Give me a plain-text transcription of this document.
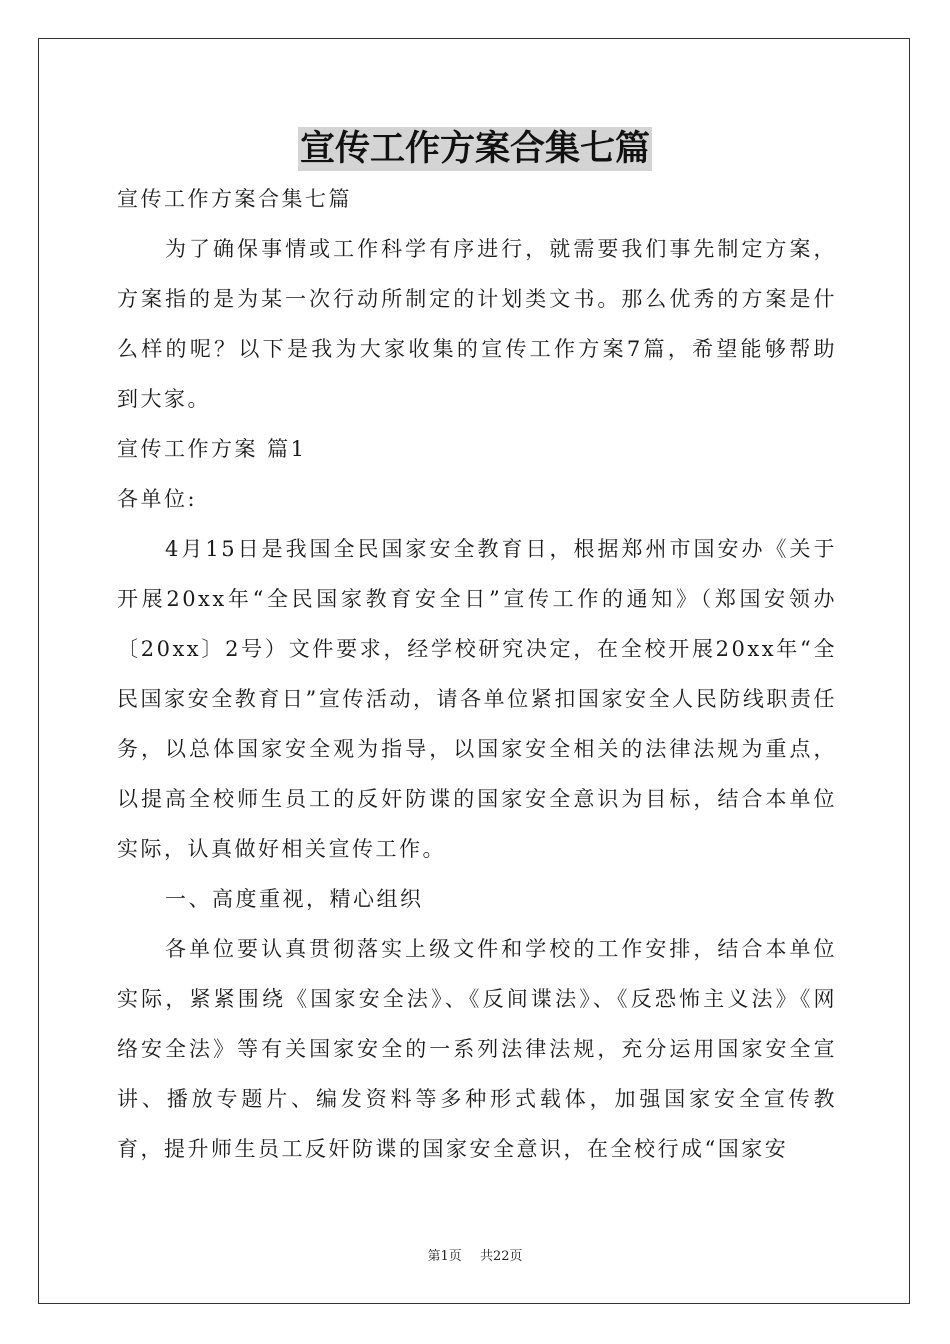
宣传工作方案合集七篇

宣传工作方案合集七篇

为了确保事情或工作科学有序进行，就需要我们事先制定方案，方案指的是为某一次行动所制定的计划类文书。那么优秀的方案是什么样的呢？以下是我为大家收集的宣传工作方案7篇，希望能够帮助到大家。

宣传工作方案 篇1

各单位:

4月15日是我国全民国家安全教育日，根据郑州市国安办《关于开展20xx年“全民国家教育安全日”宣传工作的通知》（郑国安领办〔20xx〕2号）文件要求，经学校研究决定，在全校开展20xx年“全民国家安全教育日”宣传活动，请各单位紧扣国家安全人民防线职责任务，以总体国家安全观为指导，以国家安全相关的法律法规为重点，以提高全校师生员工的反奸防谍的国家安全意识为目标，结合本单位实际，认真做好相关宣传工作。

一、高度重视，精心组织

各单位要认真贯彻落实上级文件和学校的工作安排，结合本单位实际，紧紧围绕《国家安全法》、《反间谍法》、《反恐怖主义法》《网络安全法》等有关国家安全的一系列法律法规，充分运用国家安全宣讲、播放专题片、编发资料等多种形式载体，加强国家安全宣传教育，提升师生员工反奸防谍的国家安全意识，在全校行成“国家安

第1页 共22页
